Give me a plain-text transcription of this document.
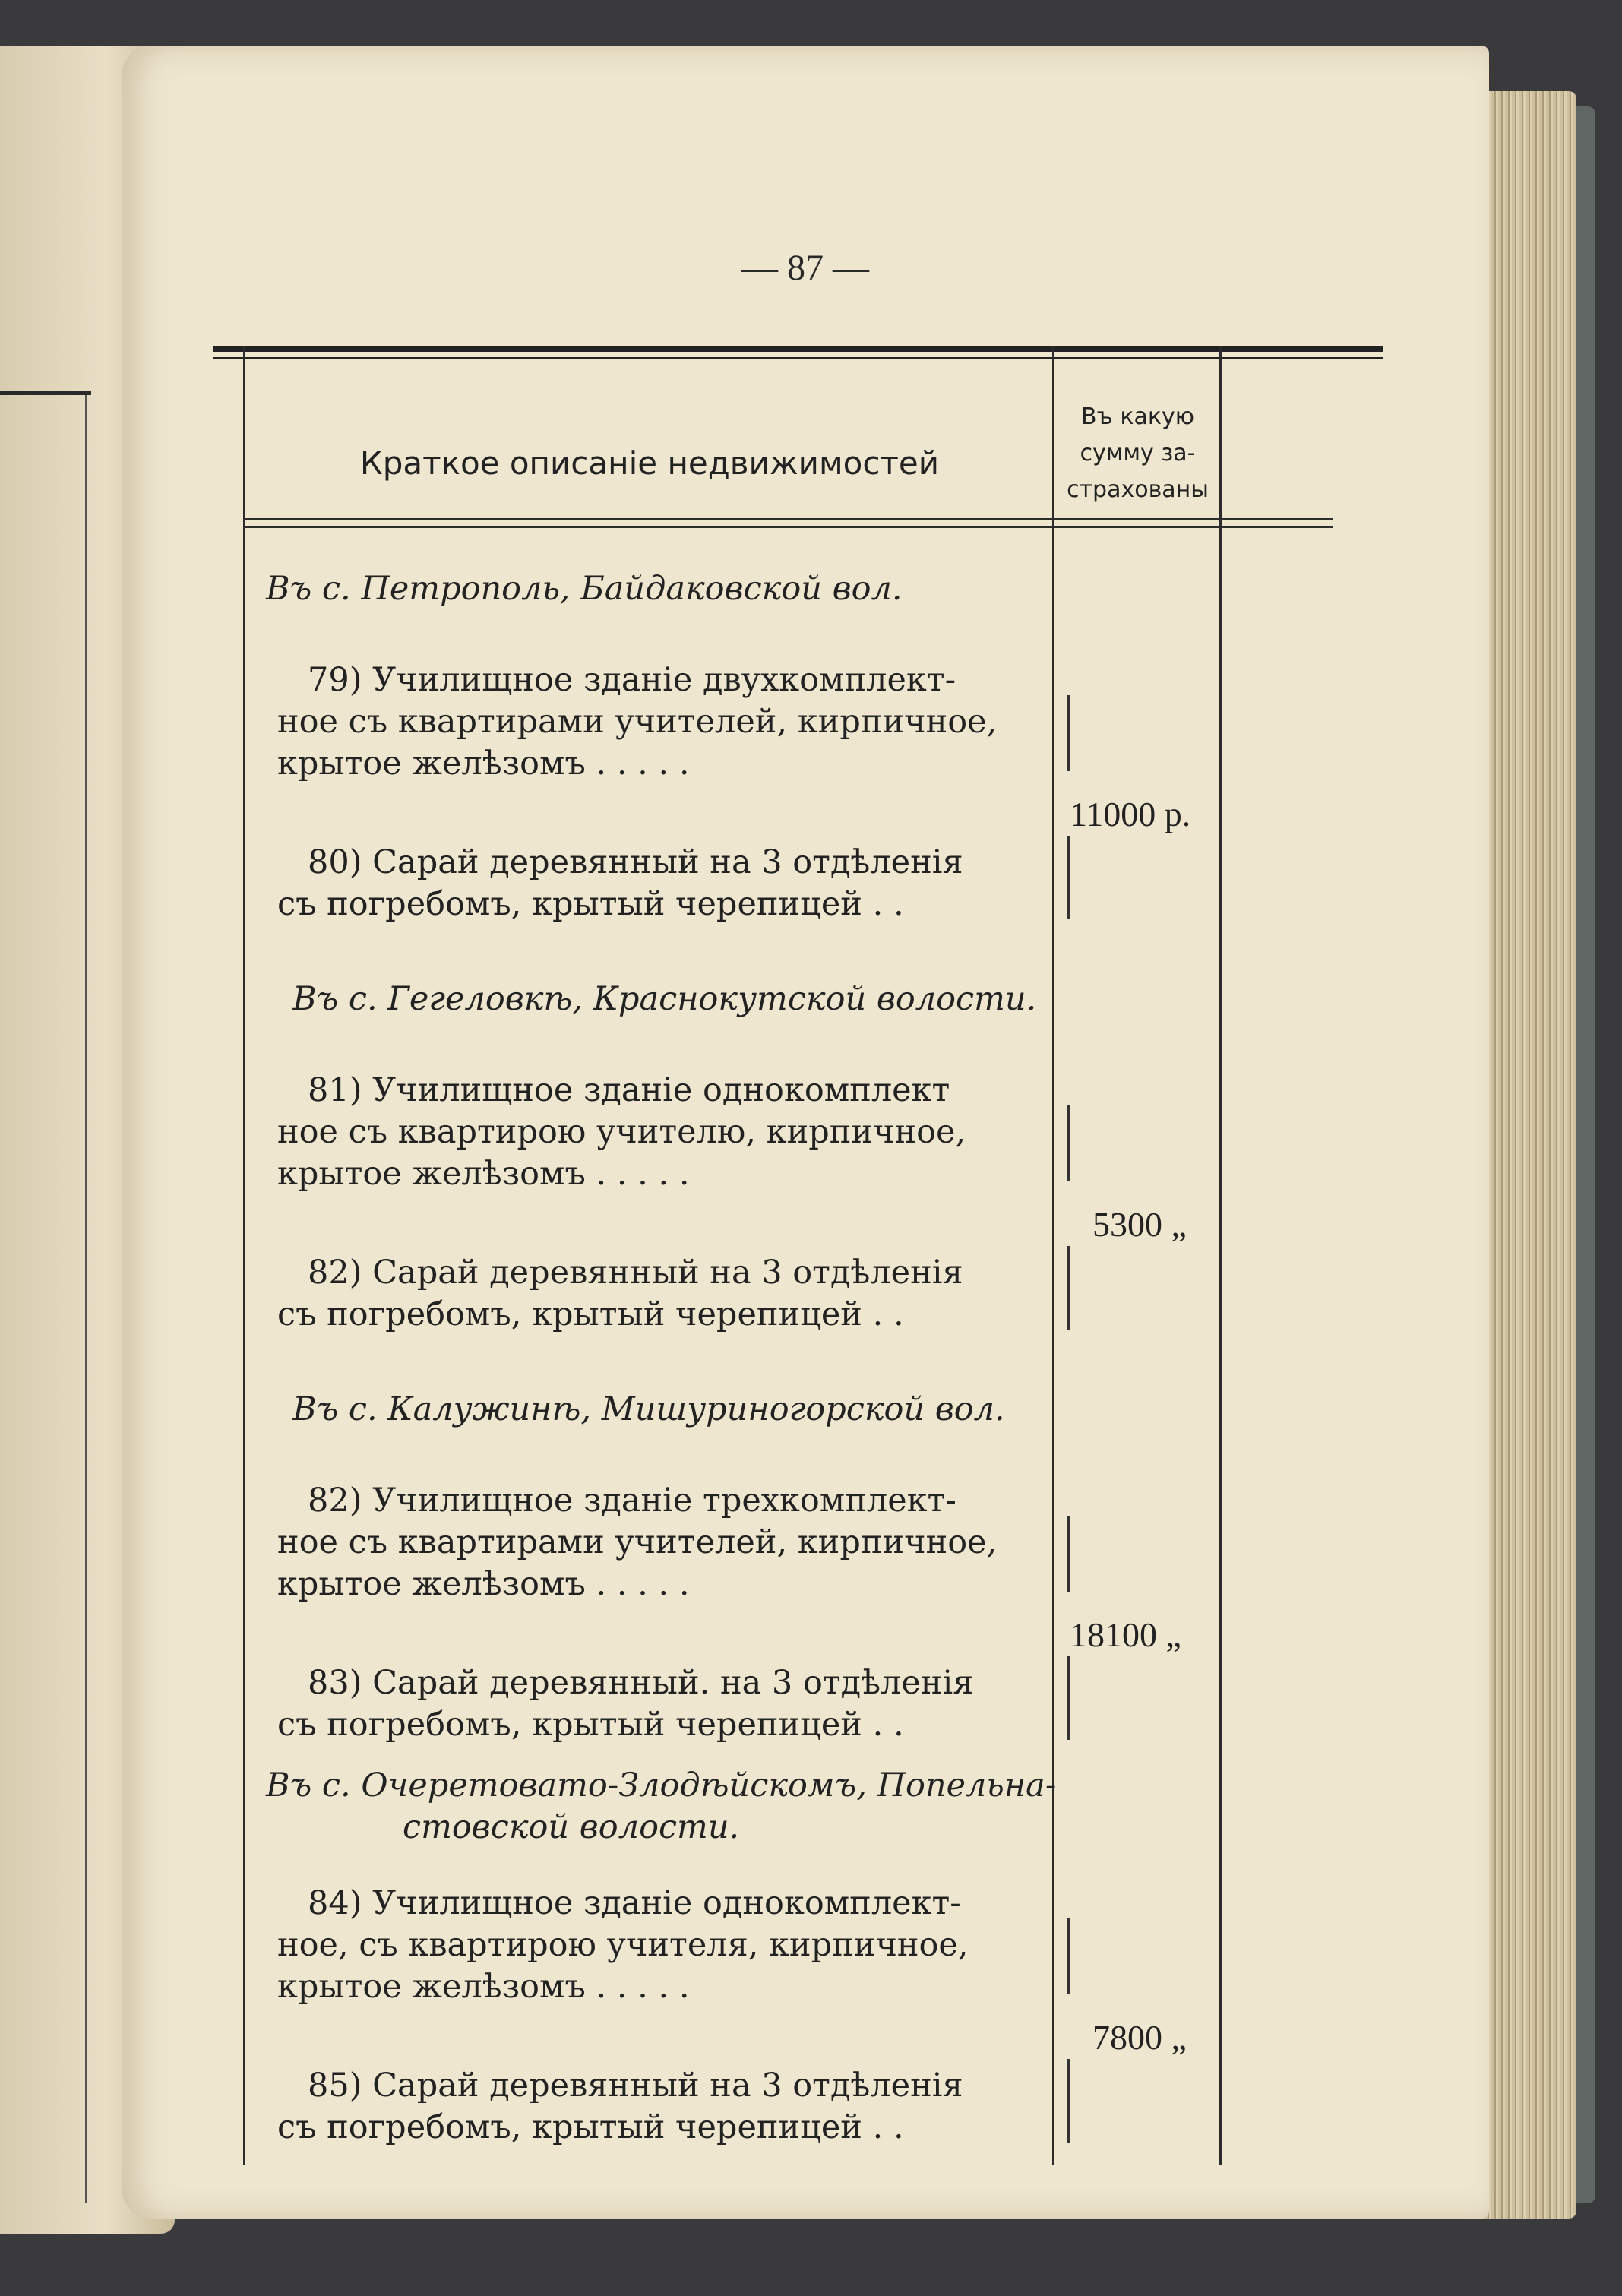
— 87 —
Краткое описаніе недвижимостей
Въ какую
сумму за-
страхованы
Въ с. Петрополь, Байдаковской вол.
79) Училищное зданіе двухкомплект-
ное съ квартирами учителей, кирпичное,
крытое желѣзомъ . . . . .
80) Сарай деревянный на 3 отдѣленія
съ погребомъ, крытый черепицей . .
11000 р.
Въ с. Гегеловкѣ, Краснокутской волости.
81) Училищное зданіе однокомплект
ное съ квартирою учителю, кирпичное,
крытое желѣзомъ . . . . .
82) Сарай деревянный на 3 отдѣленія
съ погребомъ, крытый черепицей . .
5300 „
Въ с. Калужинѣ, Мишуриногорской вол.
82) Училищное зданіе трехкомплект-
ное съ квартирами учителей, кирпичное,
крытое желѣзомъ . . . . .
83) Сарай деревянный. на 3 отдѣленія
съ погребомъ, крытый черепицей . .
18100 „
Въ с. Очеретовато-Злодѣйскомъ, Попельна-
стовской волости.
84) Училищное зданіе однокомплект-
ное, съ квартирою учителя, кирпичное,
крытое желѣзомъ . . . . .
85) Сарай деревянный на 3 отдѣленія
съ погребомъ, крытый черепицей . .
7800 „
